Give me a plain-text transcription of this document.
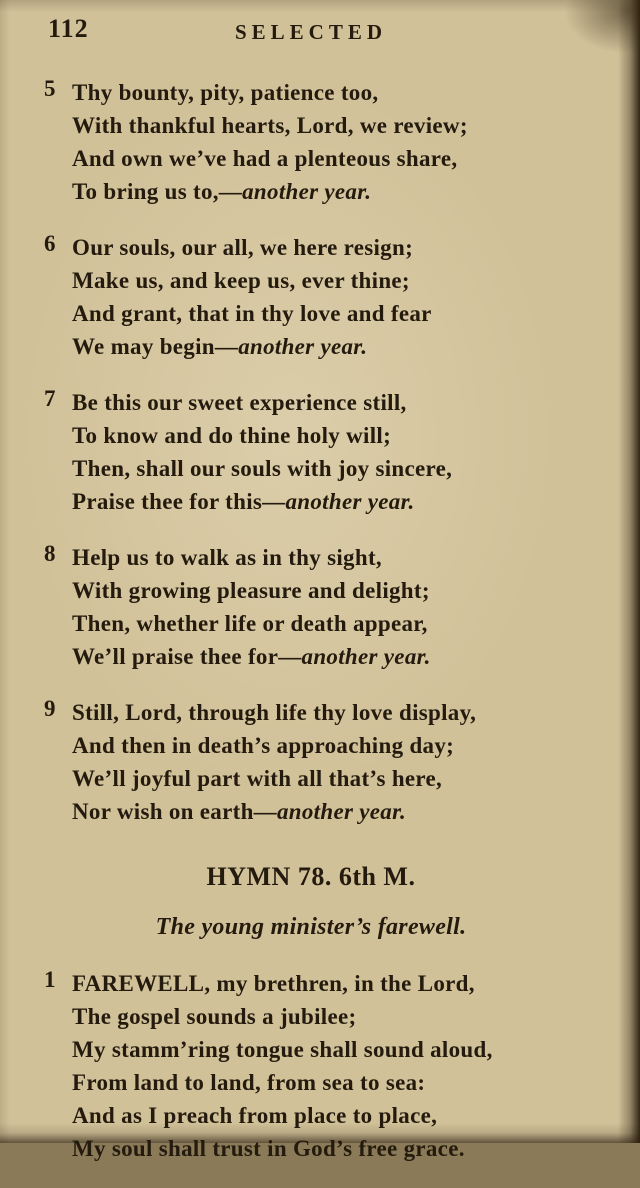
112	SELECTED
5 Thy bounty, pity, patience too,
With thankful hearts, Lord, we review;
And own we’ve had a plenteous share,
To bring us to,—another year.
6 Our souls, our all, we here resign;
Make us, and keep us, ever thine;
And grant, that in thy love and fear
We may begin—another year.
7 Be this our sweet experience still,
To know and do thine holy will;
Then, shall our souls with joy sincere,
Praise thee for this—another year.
8 Help us to walk as in thy sight,
With growing pleasure and delight;
Then, whether life or death appear,
We’ll praise thee for—another year.
9 Still, Lord, through life thy love display,
And then in death’s approaching day;
We’ll joyful part with all that’s here,
Nor wish on earth—another year.
HYMN 78. 6th M.
The young minister’s farewell.
1 FAREWELL, my brethren, in the Lord,
The gospel sounds a jubilee;
My stamm’ring tongue shall sound aloud,
From land to land, from sea to sea:
And as I preach from place to place,
My soul shall trust in God’s free grace.
